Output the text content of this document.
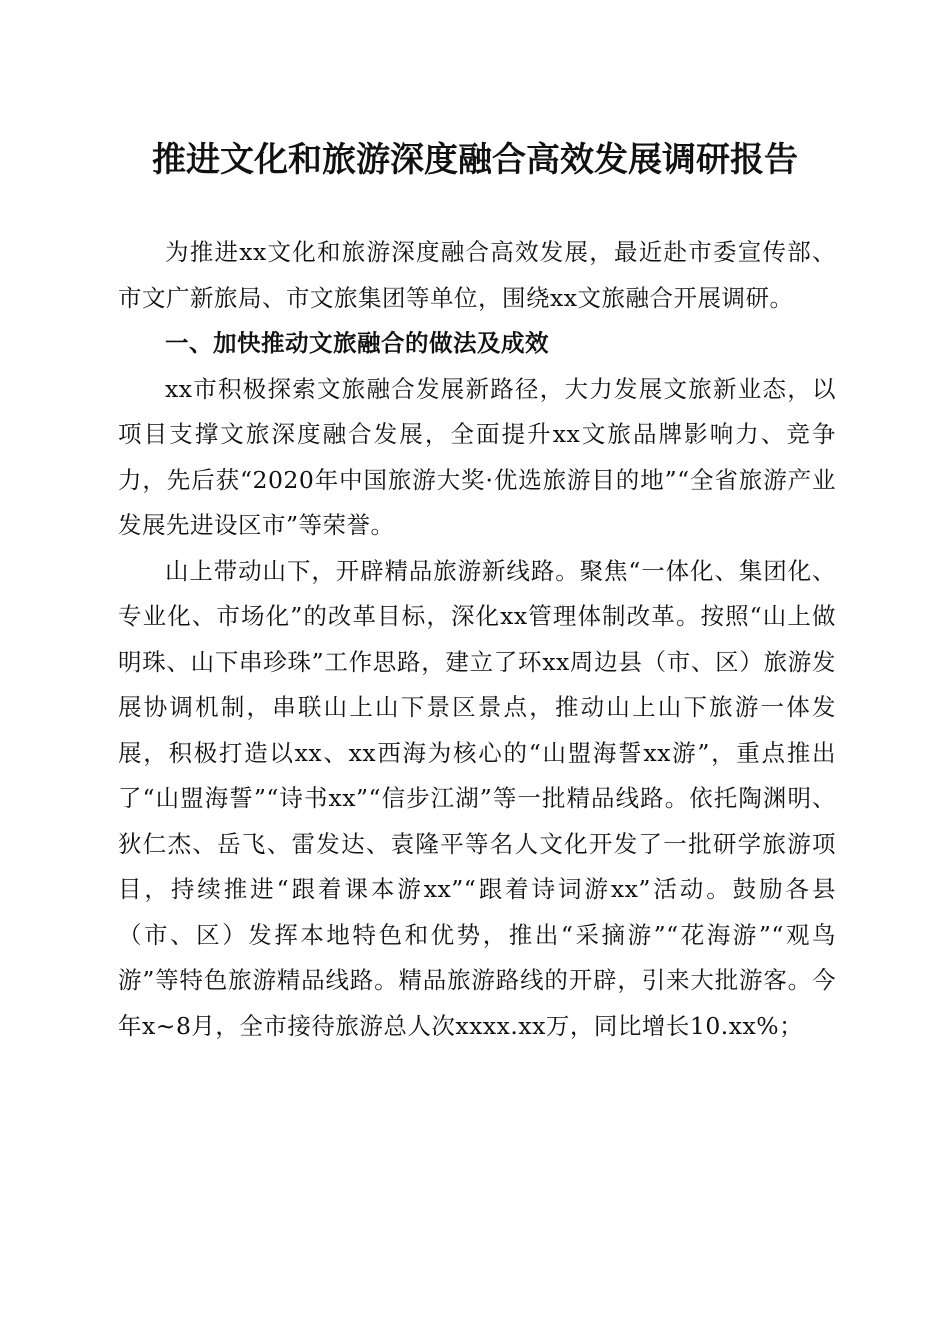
推进文化和旅游深度融合高效发展调研报告

为推进xx文化和旅游深度融合高效发展，最近赴市委宣传部、市文广新旅局、市文旅集团等单位，围绕xx文旅融合开展调研。

一、加快推动文旅融合的做法及成效

xx市积极探索文旅融合发展新路径，大力发展文旅新业态，以项目支撑文旅深度融合发展，全面提升xx文旅品牌影响力、竞争力，先后获“2020年中国旅游大奖·优选旅游目的地”“全省旅游产业发展先进设区市”等荣誉。

山上带动山下，开辟精品旅游新线路。聚焦“一体化、集团化、专业化、市场化”的改革目标，深化xx管理体制改革。按照“山上做明珠、山下串珍珠”工作思路，建立了环xx周边县（市、区）旅游发展协调机制，串联山上山下景区景点，推动山上山下旅游一体发展，积极打造以xx、xx西海为核心的“山盟海誓xx游”，重点推出了“山盟海誓”“诗书xx”“信步江湖”等一批精品线路。依托陶渊明、狄仁杰、岳飞、雷发达、袁隆平等名人文化开发了一批研学旅游项目，持续推进“跟着课本游xx”“跟着诗词游xx”活动。鼓励各县（市、区）发挥本地特色和优势，推出“采摘游”“花海游”“观鸟游”等特色旅游精品线路。精品旅游路线的开辟，引来大批游客。今年x~8月，全市接待旅游总人次xxxx.xx万，同比增长10.xx%；
